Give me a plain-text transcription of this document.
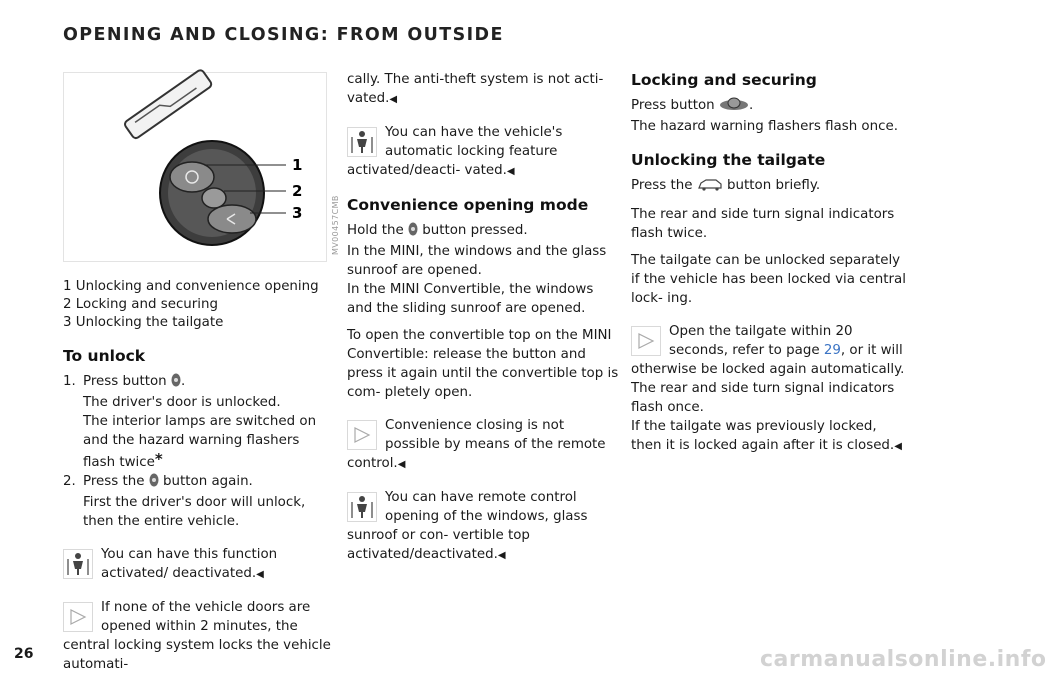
OPENING AND CLOSING: FROM OUTSIDE
1
2
3
1 Unlocking and convenience opening
2 Locking and securing
3 Unlocking the tailgate
To unlock
1. Press button .
The driver's door is unlocked.
The interior lamps are switched on and the hazard warning flashers flash twice*
2. Press the button again.
First the driver's door will unlock, then the entire vehicle.
You can have this function activated/ deactivated.◀
If none of the vehicle doors are opened within 2 minutes, the central locking system locks the vehicle automati-
MV00457CMB

cally. The anti-theft system is not acti- vated.◀

You can have the vehicle's automatic locking feature activated/deacti- vated.◀
Convenience opening mode

Hold the button pressed.
In the MINI, the windows and the glass sunroof are opened.
In the MINI Convertible, the windows and the sliding sunroof are opened.

To open the convertible top on the MINI Convertible: release the button and press it again until the convertible top is com- pletely open.

Convenience closing is not possible by means of the remote control.◀
You can have remote control opening of the windows, glass sunroof or con- vertible top activated/deactivated.◀
Locking and securing

Press button	.
The hazard warning flashers flash once.

Unlocking the tailgate

Press the	button briefly.

The rear and side turn signal indicators flash twice.

The tailgate can be unlocked separately if the vehicle has been locked via central lock- ing.

Open the tailgate within 20 seconds, refer to page 29, or it will otherwise be locked again automatically. The rear and side turn signal indicators flash once.
If the tailgate was previously locked, then it is locked again after it is closed.◀
26	carmanualsonline.info
